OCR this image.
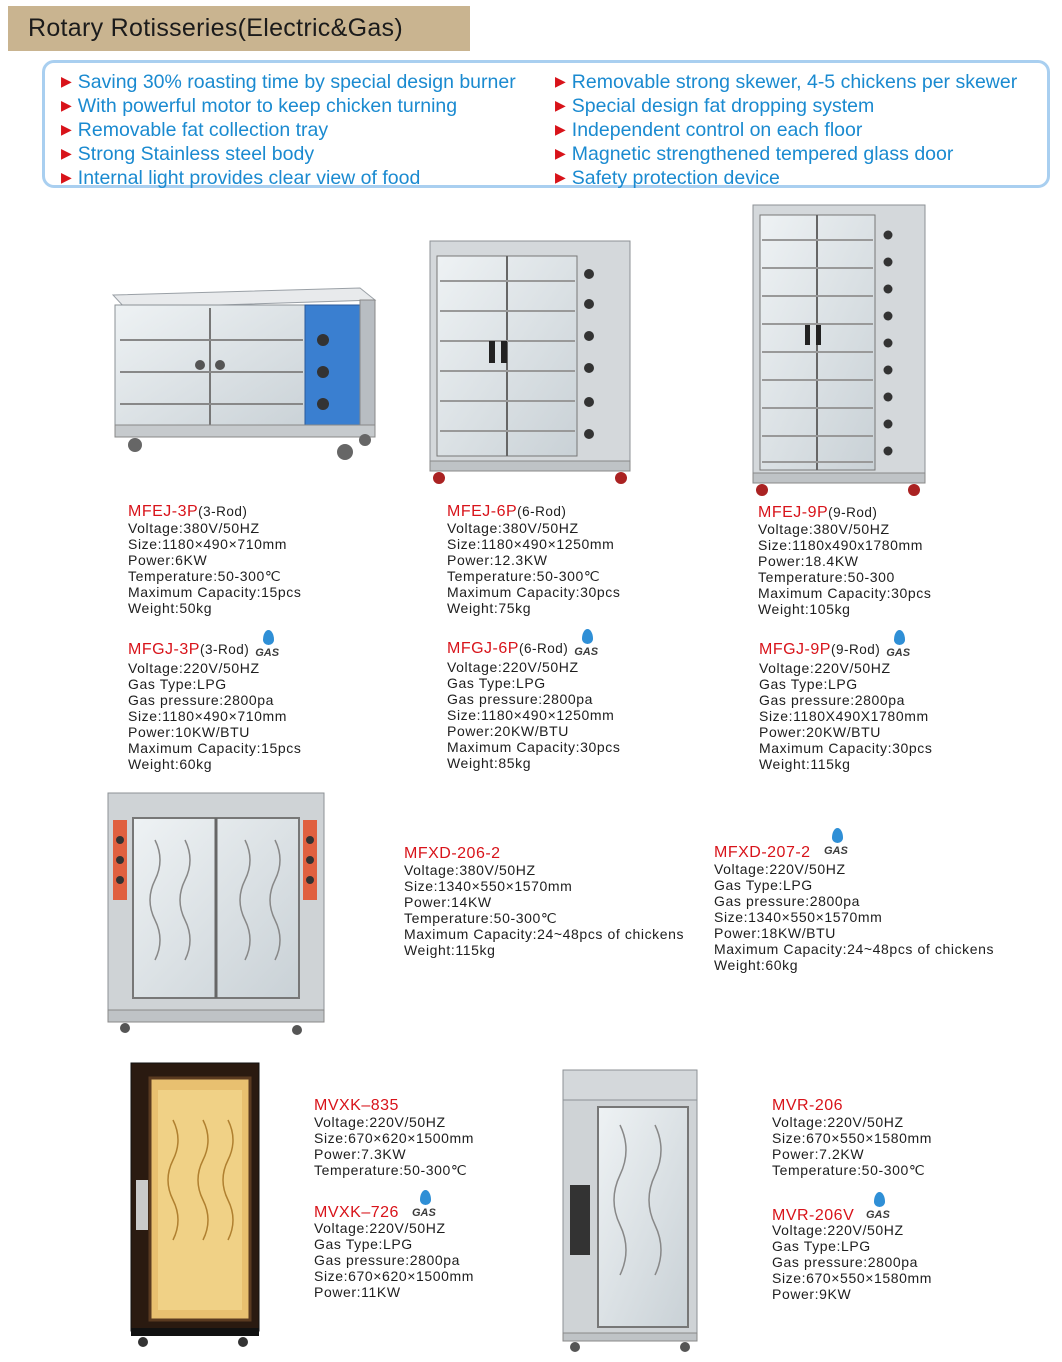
Rotary Rotisseries(Electric&Gas)
▶ Saving 30% roasting time by special design burner
▶ With powerful motor to keep chicken turning
▶ Removable fat collection tray
▶ Strong Stainless steel body
▶ Internal light provides clear view of food
▶ Removable strong skewer, 4-5 chickens per skewer
▶ Special design fat dropping system
▶ Independent control on each floor
▶ Magnetic strengthened tempered glass door
▶ Safety protection device
MFEJ-3P(3-Rod)
Voltage:380V/50HZ
Size:1180×490×710mm
Power:6KW
Temperature:50-300℃
Maximum Capacity:15pcs
Weight:50kg
MFGJ-3P(3-Rod) GAS
Voltage:220V/50HZ
Gas Type:LPG
Gas pressure:2800pa
Size:1180×490×710mm
Power:10KW/BTU
Maximum Capacity:15pcs
Weight:60kg
MFEJ-6P(6-Rod)
Voltage:380V/50HZ
Size:1180×490×1250mm
Power:12.3KW
Temperature:50-300℃
Maximum Capacity:30pcs
Weight:75kg
MFGJ-6P(6-Rod) GAS
Voltage:220V/50HZ
Gas Type:LPG
Gas pressure:2800pa
Size:1180×490×1250mm
Power:20KW/BTU
Maximum Capacity:30pcs
Weight:85kg
MFEJ-9P(9-Rod)
Voltage:380V/50HZ
Size:1180x490x1780mm
Power:18.4KW
Temperature:50-300
Maximum Capacity:30pcs
Weight:105kg
MFGJ-9P(9-Rod) GAS
Voltage:220V/50HZ
Gas Type:LPG
Gas pressure:2800pa
Size:1180X490X1780mm
Power:20KW/BTU
Maximum Capacity:30pcs
Weight:115kg
MFXD-206-2
Voltage:380V/50HZ
Size:1340×550×1570mm
Power:14KW
Temperature:50-300℃
Maximum Capacity:24~48pcs of chickens
Weight:115kg
MFXD-207-2 GAS
Voltage:220V/50HZ
Gas Type:LPG
Gas pressure:2800pa
Size:1340×550×1570mm
Power:18KW/BTU
Maximum Capacity:24~48pcs of chickens
Weight:60kg
MVXK–835
Voltage:220V/50HZ
Size:670×620×1500mm
Power:7.3KW
Temperature:50-300℃
MVXK–726 GAS
Voltage:220V/50HZ
Gas Type:LPG
Gas pressure:2800pa
Size:670×620×1500mm
Power:11KW
MVR-206
Voltage:220V/50HZ
Size:670×550×1580mm
Power:7.2KW
Temperature:50-300℃
MVR-206V GAS
Voltage:220V/50HZ
Gas Type:LPG
Gas pressure:2800pa
Size:670×550×1580mm
Power:9KW
